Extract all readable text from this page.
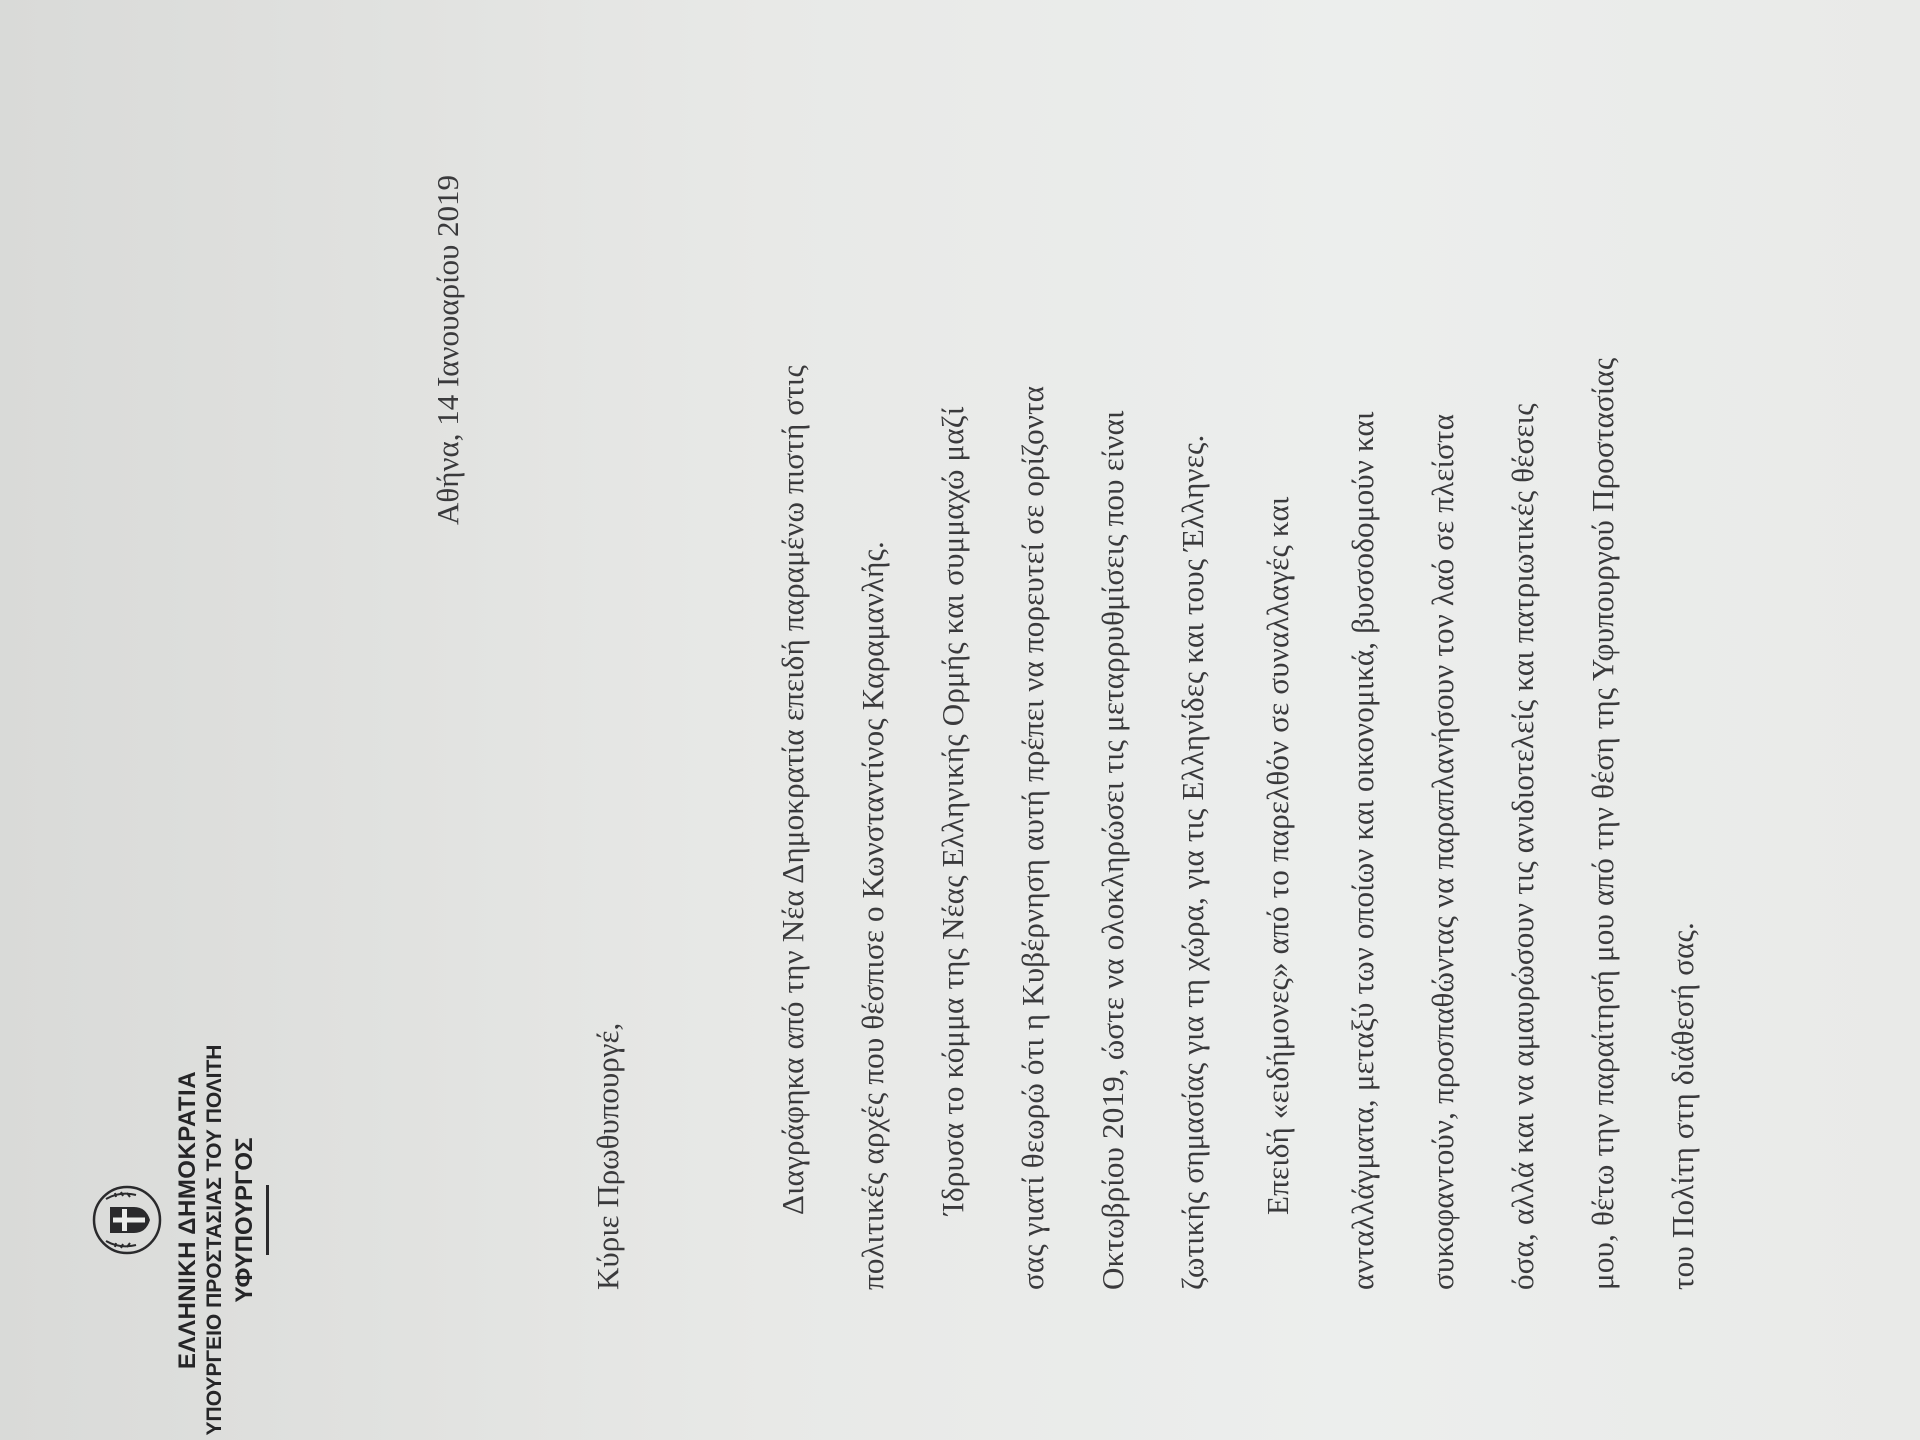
ΕΛΛΗΝΙΚΗ ΔΗΜΟΚΡΑΤΙΑ ΥΠΟΥΡΓΕΙΟ ΠΡΟΣΤΑΣΙΑΣ ΤΟΥ ΠΟΛΙΤΗ ΥΦΥΠΟΥΡΓΟΣ
Αθήνα, 14 Ιανουαρίου 2019
Κύριε Πρωθυπουργέ,	Διαγράφηκα από την Νέα Δημοκρατία επειδή παραμένω πιστή στις πολιτικές αρχές που θέσπισε ο Κωνσταντίνος Καραμανλής. Ίδρυσα το κόμμα της Νέας Ελληνικής Ορμής και συμμαχώ μαζί σας γιατί θεωρώ ότι η Κυβέρνηση αυτή πρέπει να πορευτεί σε ορίζοντα Οκτωβρίου 2019, ώστε να ολοκληρώσει τις μεταρρυθμίσεις που είναι ζωτικής σημασίας για τη χώρα, για τις Ελληνίδες και τους Έλληνες. Επειδή «ειδήμονες» από το παρελθόν σε συναλλαγές και ανταλλάγματα, μεταξύ των οποίων και οικονομικά, βυσσοδομούν και συκοφαντούν, προσπαθώντας να παραπλανήσουν τον λαό σε πλείστα όσα, αλλά και να αμαυρώσουν τις ανιδιοτελείς και πατριωτικές θέσεις μου, θέτω την παραίτησή μου από την θέση της Υφυπουργού Προστασίας του Πολίτη στη διάθεσή σας.
